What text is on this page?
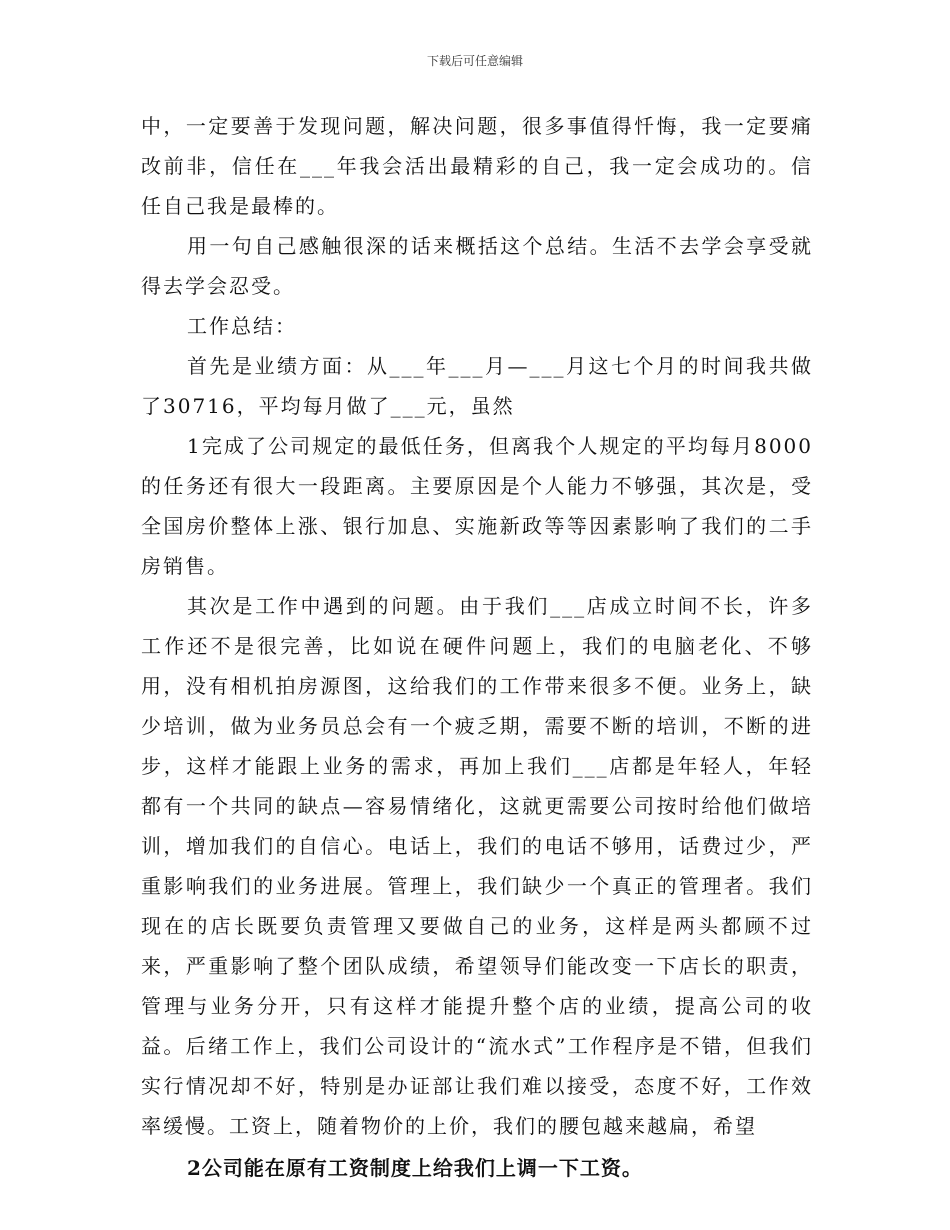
下载后可任意编辑

中，一定要善于发现问题，解决问题，很多事值得忏悔，我一定要痛改前非，信任在___年我会活出最精彩的自己，我一定会成功的。信任自己我是最棒的。

用一句自己感触很深的话来概括这个总结。生活不去学会享受就得去学会忍受。

工作总结：

首先是业绩方面：从___年___月—___月这七个月的时间我共做了30716，平均每月做了___元，虽然

1完成了公司规定的最低任务，但离我个人规定的平均每月8000的任务还有很大一段距离。主要原因是个人能力不够强，其次是，受全国房价整体上涨、银行加息、实施新政等等因素影响了我们的二手房销售。

其次是工作中遇到的问题。由于我们___店成立时间不长，许多工作还不是很完善，比如说在硬件问题上，我们的电脑老化、不够用，没有相机拍房源图，这给我们的工作带来很多不便。业务上，缺少培训，做为业务员总会有一个疲乏期，需要不断的培训，不断的进步，这样才能跟上业务的需求，再加上我们___店都是年轻人，年轻都有一个共同的缺点—容易情绪化，这就更需要公司按时给他们做培训，增加我们的自信心。电话上，我们的电话不够用，话费过少，严重影响我们的业务进展。管理上，我们缺少一个真正的管理者。我们现在的店长既要负责管理又要做自己的业务，这样是两头都顾不过来，严重影响了整个团队成绩，希望领导们能改变一下店长的职责，管理与业务分开，只有这样才能提升整个店的业绩，提高公司的收益。后绪工作上，我们公司设计的“流水式”工作程序是不错，但我们实行情况却不好，特别是办证部让我们难以接受，态度不好，工作效率缓慢。工资上，随着物价的上价，我们的腰包越来越扁，希望

2公司能在原有工资制度上给我们上调一下工资。
